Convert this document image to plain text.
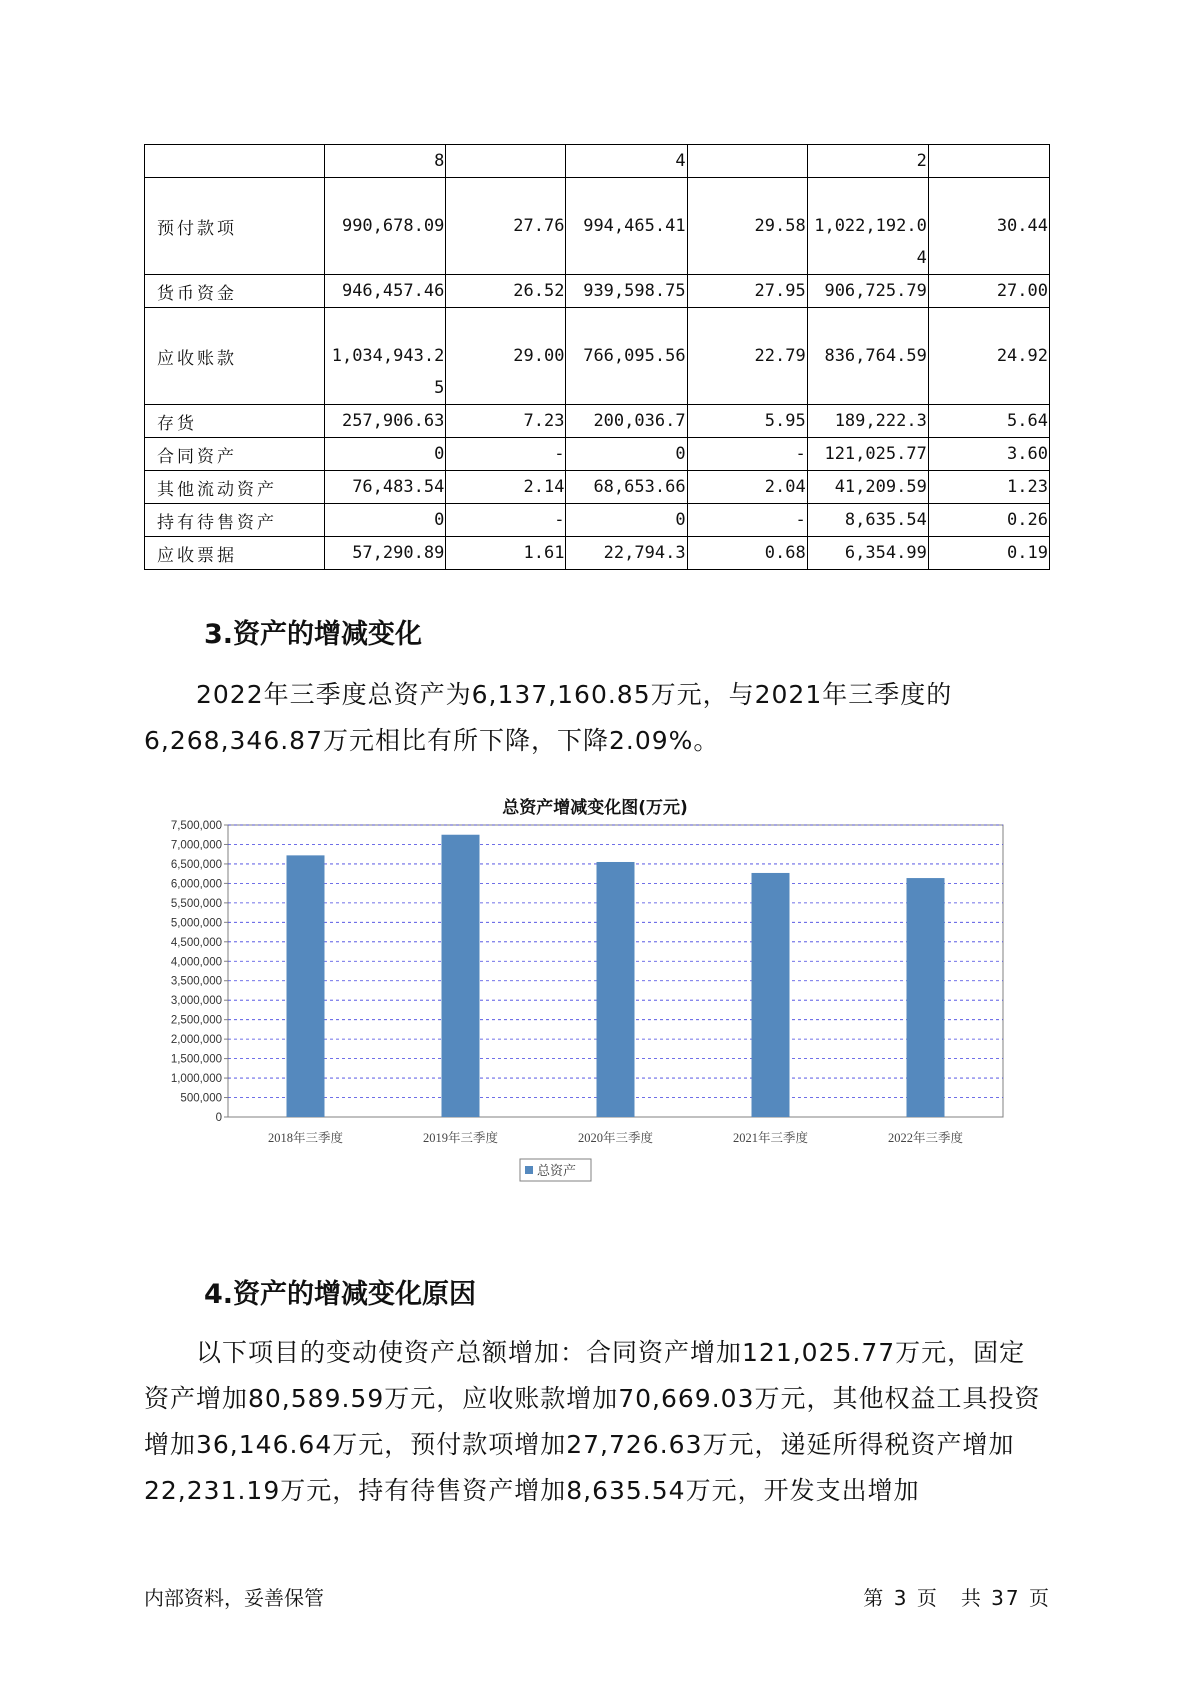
	8		4		2	
预付款项	990,678.09	27.76	994,465.41	29.58	1,022,192.04	30.44
货币资金	946,457.46	26.52	939,598.75	27.95	906,725.79	27.00
应收账款	1,034,943.25	29.00	766,095.56	22.79	836,764.59	24.92
存货	257,906.63	7.23	200,036.7	5.95	189,222.3	5.64
合同资产	0	-	0	-	121,025.77	3.60
其他流动资产	76,483.54	2.14	68,653.66	2.04	41,209.59	1.23
持有待售资产	0	-	0	-	8,635.54	0.26
应收票据	57,290.89	1.61	22,794.3	0.68	6,354.99	0.19
3.资产的增减变化

2022年三季度总资产为6,137,160.85万元，与2021年三季度的6,268,346.87万元相比有所下降，下降2.09%。

总资产增减变化图(万元)
0
500,000
1,000,000
1,500,000
2,000,000
2,500,000
3,000,000
3,500,000
4,000,000
4,500,000
5,000,000
5,500,000
6,000,000
6,500,000
7,000,000
7,500,000
2018年三季度	2019年三季度	2020年三季度	2021年三季度	2022年三季度
总资产
4.资产的增减变化原因

以下项目的变动使资产总额增加：合同资产增加121,025.77万元，固定资产增加80,589.59万元，应收账款增加70,669.03万元，其他权益工具投资增加36,146.64万元，预付款项增加27,726.63万元，递延所得税资产增加22,231.19万元，持有待售资产增加8,635.54万元，开发支出增加

内部资料，妥善保管	第 3 页　共 37 页
